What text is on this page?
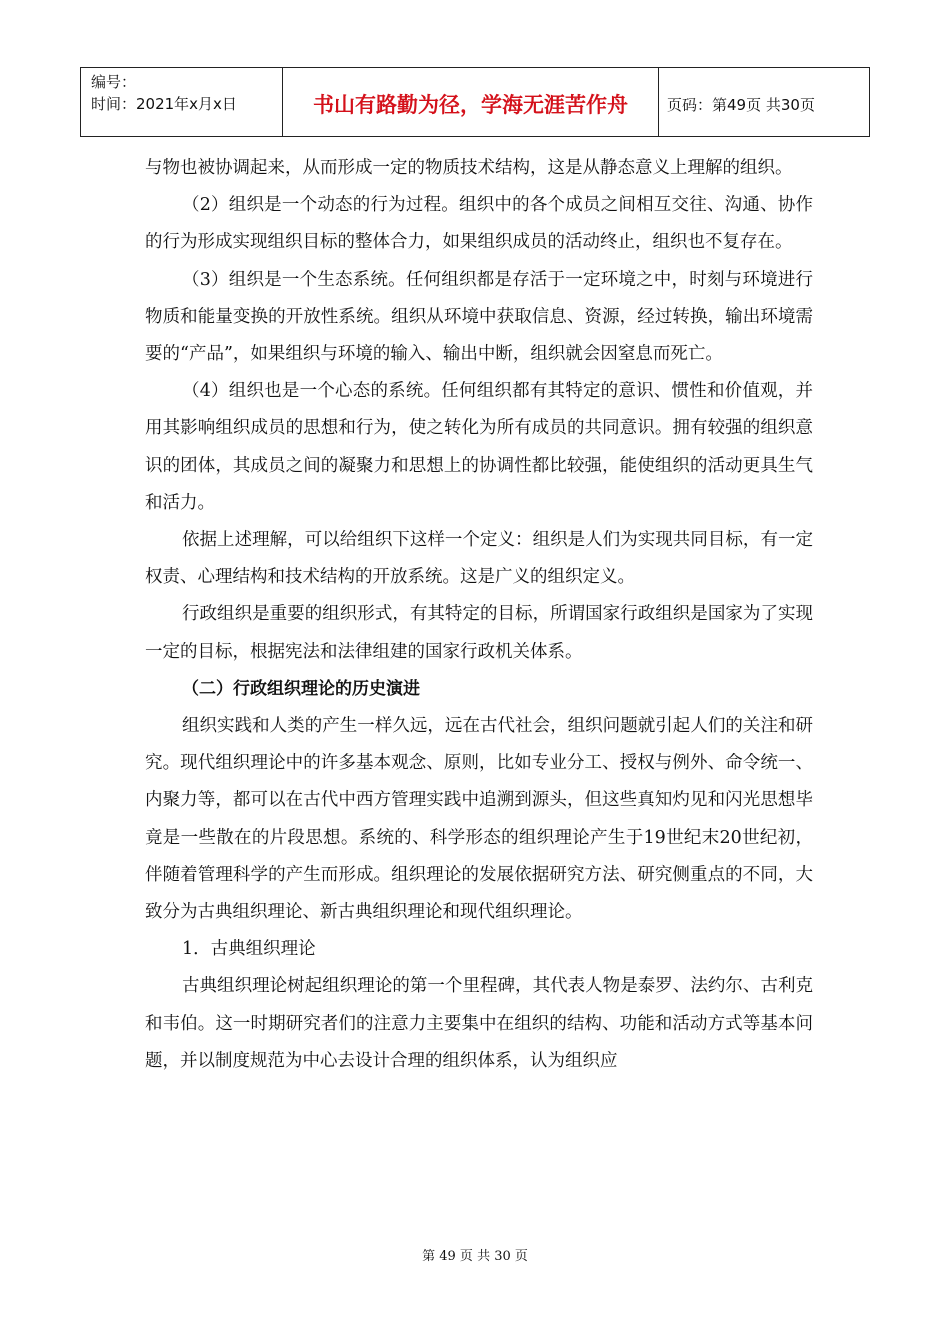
编号：
时间：2021年x月x日	书山有路勤为径，学海无涯苦作舟	页码：第49页 共30页

与物也被协调起来，从而形成一定的物质技术结构，这是从静态意义上理解的组织。

（2）组织是一个动态的行为过程。组织中的各个成员之间相互交往、沟通、协作的行为形成实现组织目标的整体合力，如果组织成员的活动终止，组织也不复存在。

（3）组织是一个生态系统。任何组织都是存活于一定环境之中，时刻与环境进行物质和能量变换的开放性系统。组织从环境中获取信息、资源，经过转换，输出环境需要的“产品”，如果组织与环境的输入、输出中断，组织就会因窒息而死亡。

（4）组织也是一个心态的系统。任何组织都有其特定的意识、惯性和价值观，并用其影响组织成员的思想和行为，使之转化为所有成员的共同意识。拥有较强的组织意识的团体，其成员之间的凝聚力和思想上的协调性都比较强，能使组织的活动更具生气和活力。

依据上述理解，可以给组织下这样一个定义：组织是人们为实现共同目标，有一定权责、心理结构和技术结构的开放系统。这是广义的组织定义。

行政组织是重要的组织形式，有其特定的目标，所谓国家行政组织是国家为了实现一定的目标，根据宪法和法律组建的国家行政机关体系。

（二）行政组织理论的历史演进

组织实践和人类的产生一样久远，远在古代社会，组织问题就引起人们的关注和研究。现代组织理论中的许多基本观念、原则，比如专业分工、授权与例外、命令统一、内聚力等，都可以在古代中西方管理实践中追溯到源头，但这些真知灼见和闪光思想毕竟是一些散在的片段思想。系统的、科学形态的组织理论产生于19世纪末20世纪初，伴随着管理科学的产生而形成。组织理论的发展依据研究方法、研究侧重点的不同，大致分为古典组织理论、新古典组织理论和现代组织理论。

1．古典组织理论

古典组织理论树起组织理论的第一个里程碑，其代表人物是泰罗、法约尔、古利克和韦伯。这一时期研究者们的注意力主要集中在组织的结构、功能和活动方式等基本问题，并以制度规范为中心去设计合理的组织体系，认为组织应

第 49 页 共 30 页
